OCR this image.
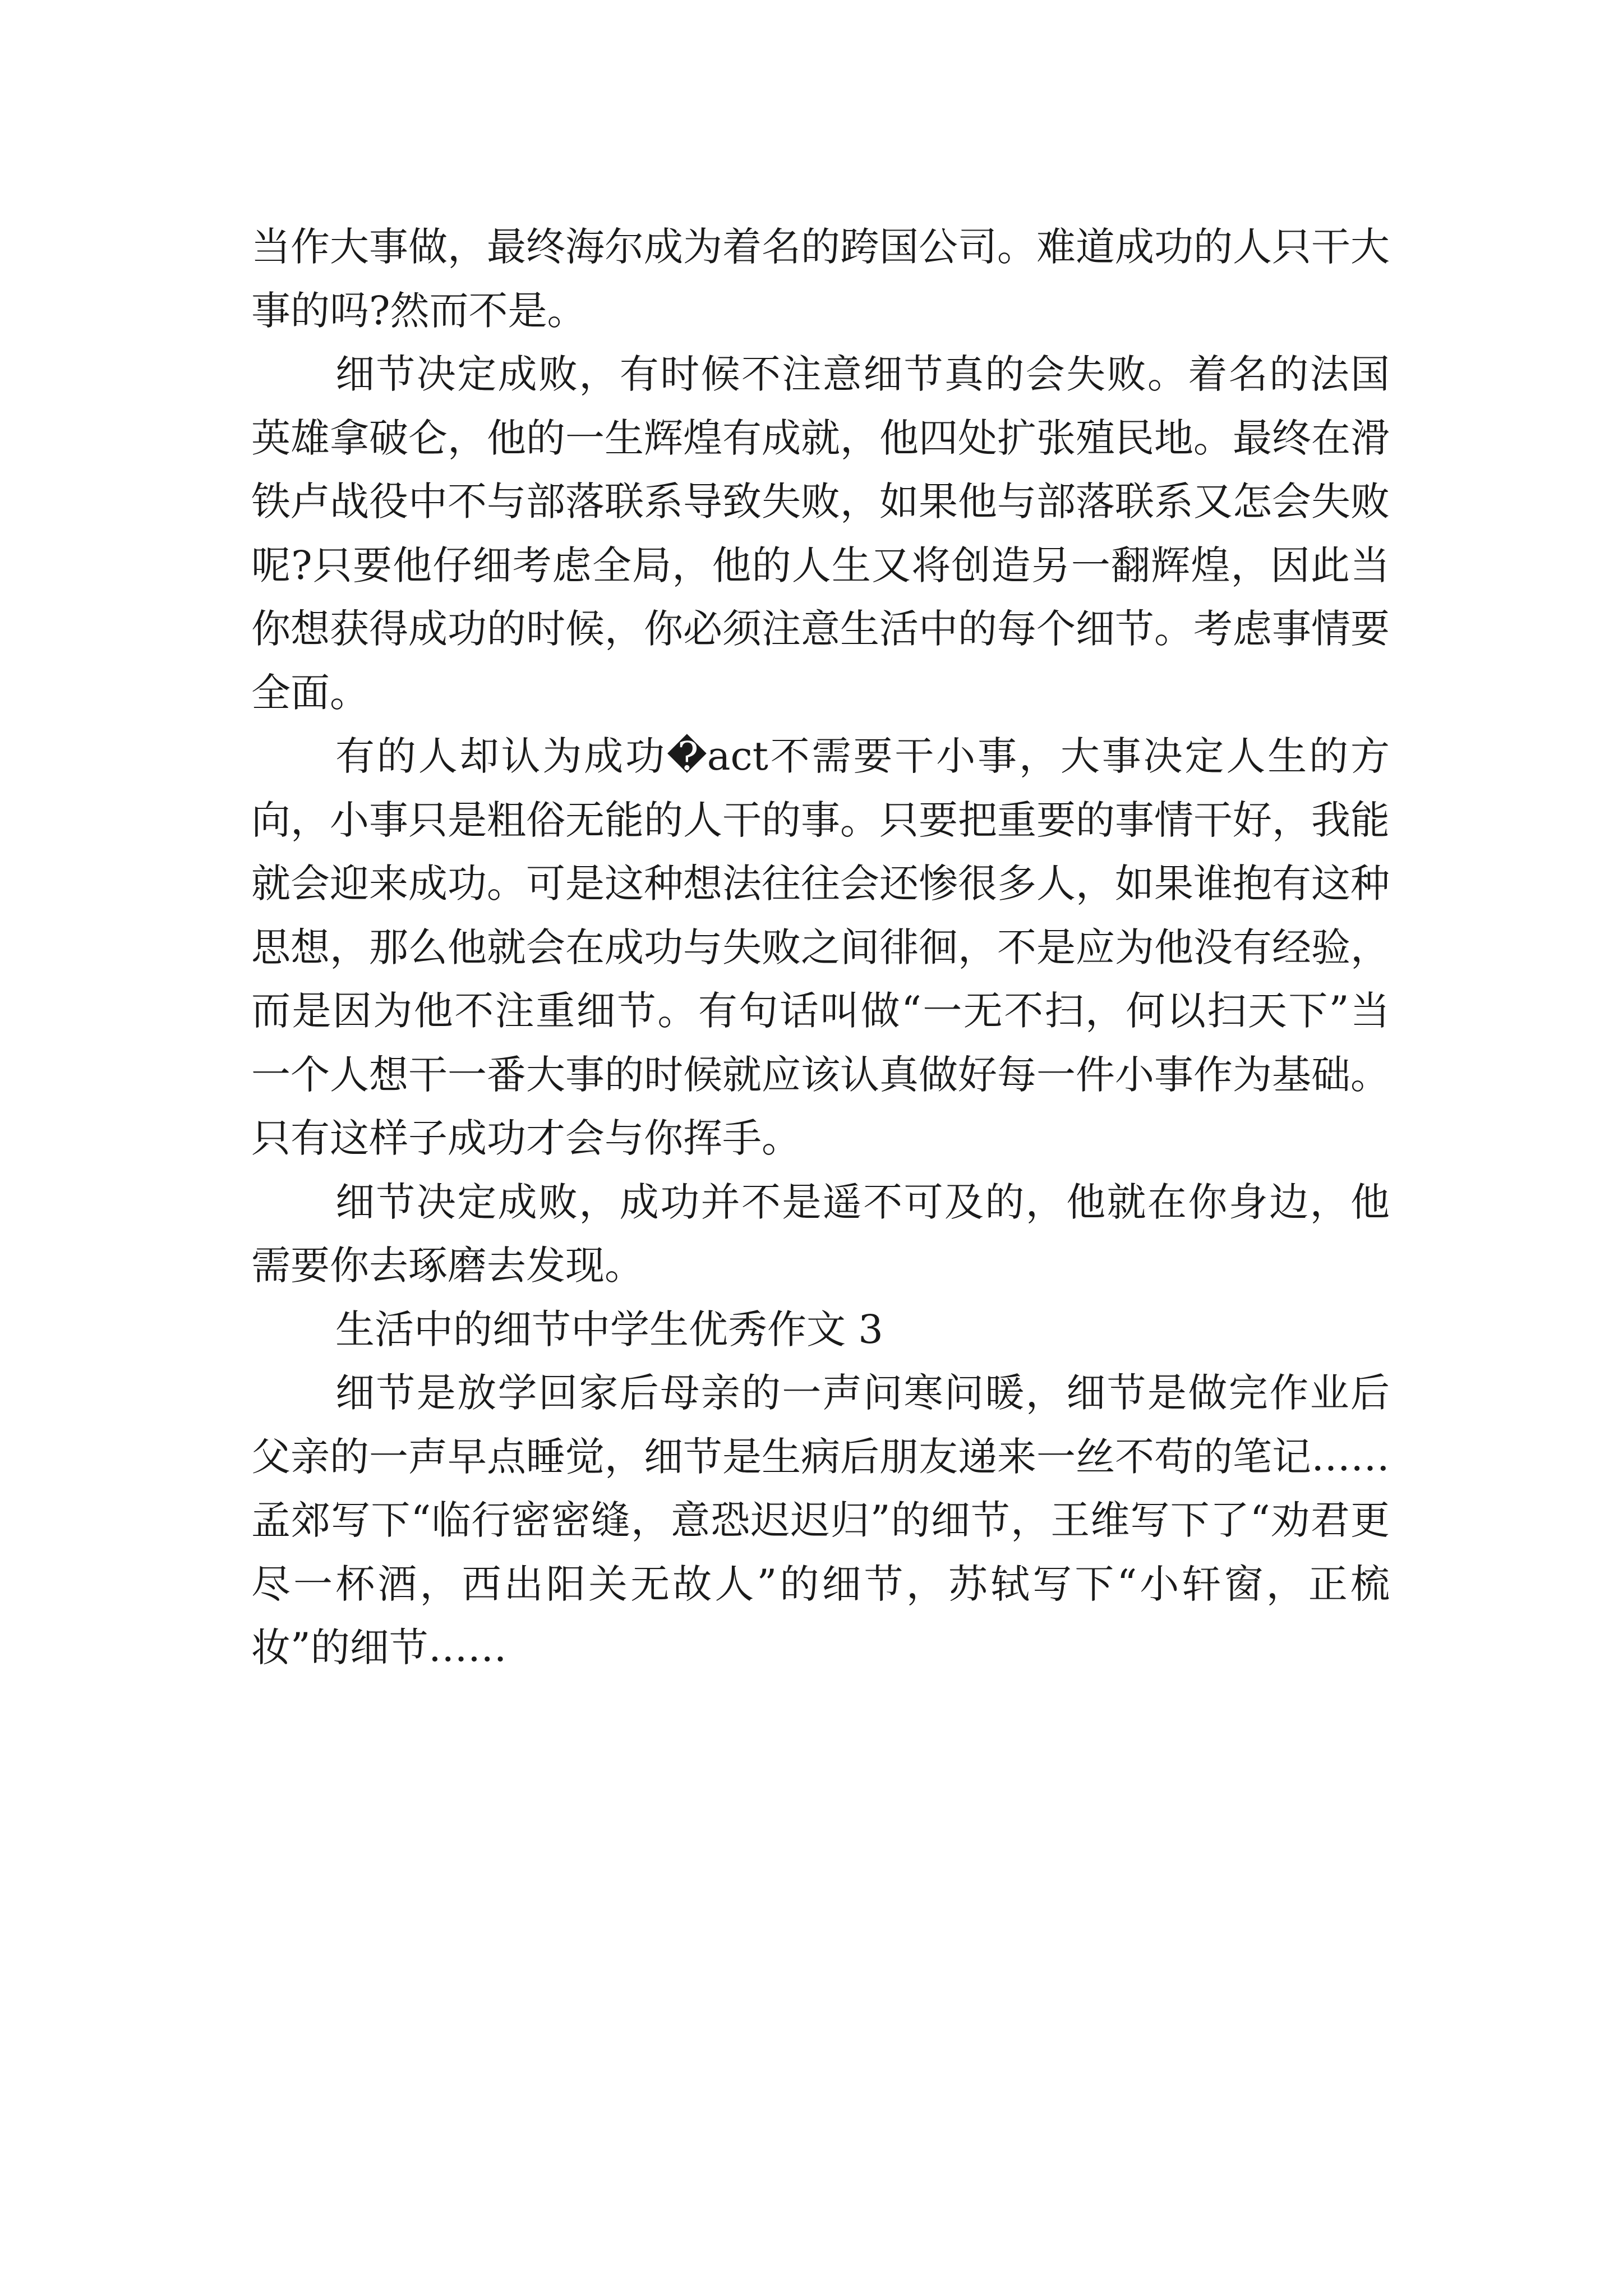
当作大事做，最终海尔成为着名的跨国公司。难道成功的人只干大事的吗?然而不是。

细节决定成败，有时候不注意细节真的会失败。着名的法国英雄拿破仑，他的一生辉煌有成就，他四处扩张殖民地。最终在滑铁卢战役中不与部落联系导致失败，如果他与部落联系又怎会失败呢?只要他仔细考虑全局，他的人生又将创造另一翻辉煌，因此当你想获得成功的时候，你必须注意生活中的每个细节。考虑事情要全面。

有的人却认为成功�act不需要干小事，大事决定人生的方向，小事只是粗俗无能的人干的事。只要把重要的事情干好，我能就会迎来成功。可是这种想法往往会还惨很多人，如果谁抱有这种思想，那么他就会在成功与失败之间徘徊，不是应为他没有经验，而是因为他不注重细节。有句话叫做“一无不扫，何以扫天下”当一个人想干一番大事的时候就应该认真做好每一件小事作为基础。只有这样子成功才会与你挥手。

细节决定成败，成功并不是遥不可及的，他就在你身边，他需要你去琢磨去发现。

生活中的细节中学生优秀作文 3

细节是放学回家后母亲的一声问寒问暖，细节是做完作业后父亲的一声早点睡觉，细节是生病后朋友递来一丝不苟的笔记……孟郊写下“临行密密缝，意恐迟迟归”的细节，王维写下了“劝君更尽一杯酒，西出阳关无故人”的细节，苏轼写下“小轩窗，正梳妆”的细节……
